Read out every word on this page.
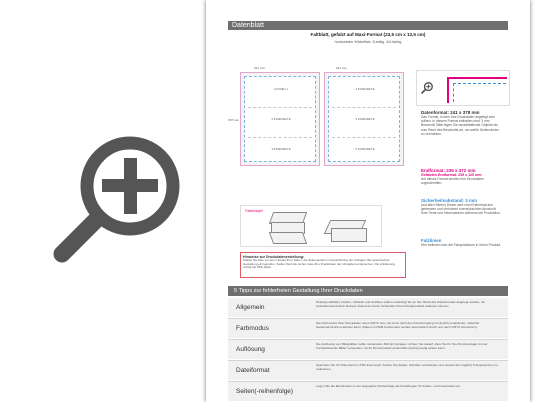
Datenblatt
Faltblatt, gefalzt auf Maxi-Format (23,5 cm x 12,5 cm)
horizontaler Wickelfalz, 6-seitig, 4/4-farbig
241 mm
AUSSEN 1
2 INNENSEITE
3 INNENSEITE
378 mm
241 mm
4 INNENSEITE
5 INNENSEITE
6 INNENSEITE
Datenformat: 241 x 378 mm
Das Format, in dem Ihre Druckdaten angelegt sein sollten. In diesem Format enthalten sind: 3 mm Beschnitt. Bitte legen Sie randabfallende Objekte bis zum Rand des Beschnitts an, um weiße Seitenränder zu vermeiden.
Endformat: 235 x 372 mm
Gefalztes Endformat: 235 x 125 mm
Auf dieses Format werden Ihre Druckdaten zugeschnitten.
Sicherheitsabstand: 3 mm
(auf allen Seiten) Dieser wird vom Endformat aus gemessen und verhindert unerwünschten Anschnitt Ihrer Texte und Informationen während der Produktion.
Falzlinien
Hier befinden sich die Falzpositionen in Ihrem Produkt.
Falzbeispiel
Hinweise zur Druckdatenerstellung:
Stellen Sie bitte vor dem Upload Ihrer Daten, die Seitenanzahl und Ausrichtung der Vorlagen. Bei gewünschter Gestaltung einzugreifen. Stellen Sie bitte sicher, dass Ihre Druckdaten den Vorgaben entsprechen. Die Anlieferung erfolgt als PDF-Datei.
5 Tipps zur fehlerfreien Gestaltung Ihrer Druckdaten
Allgemein
Hintergrundbilder, Farben, Verläufe und Grafiken sollten unbedingt bis an den Rand des Datenformats angelegt werden, da produktionstechnisch kleinere Toleranzen beim Schneiden Ihres Druckprodukts auftreten können.
Farbmodus
Die Farbmodus Ihrer Druckdaten muss CMYK sein, da sonst nach dem Druckvorgang ein (leicht) veränderter, optischer Gesamteindruck entstehen kann. (Daten im RGB-Farbmodus werden automatisch durch uns nach CMYK konvertiert.)
Auflösung
Die Auflösung von Bildgrafiken sollte mindestens 300 dpi betragen. Achten Sie darauf, dass Sie für Ihre Druckvorlagen immer hochauflösende Bilder verwenden, da Ihr Druckprodukt andernfalls (leicht) pixelig wirken kann.
Dateiformat
Speichern Sie Ihr Dokument im PDF-Format ab. Achten Sie darauf, Schriften einzubetten und (soweit als möglich) Transparenzen zu reduzieren.
Seiten(-reihenfolge)
Legen Sie die Einzelseiten in der angegeben Reihenfolge als Druckbogen für Außen- und Innenseiten an.
